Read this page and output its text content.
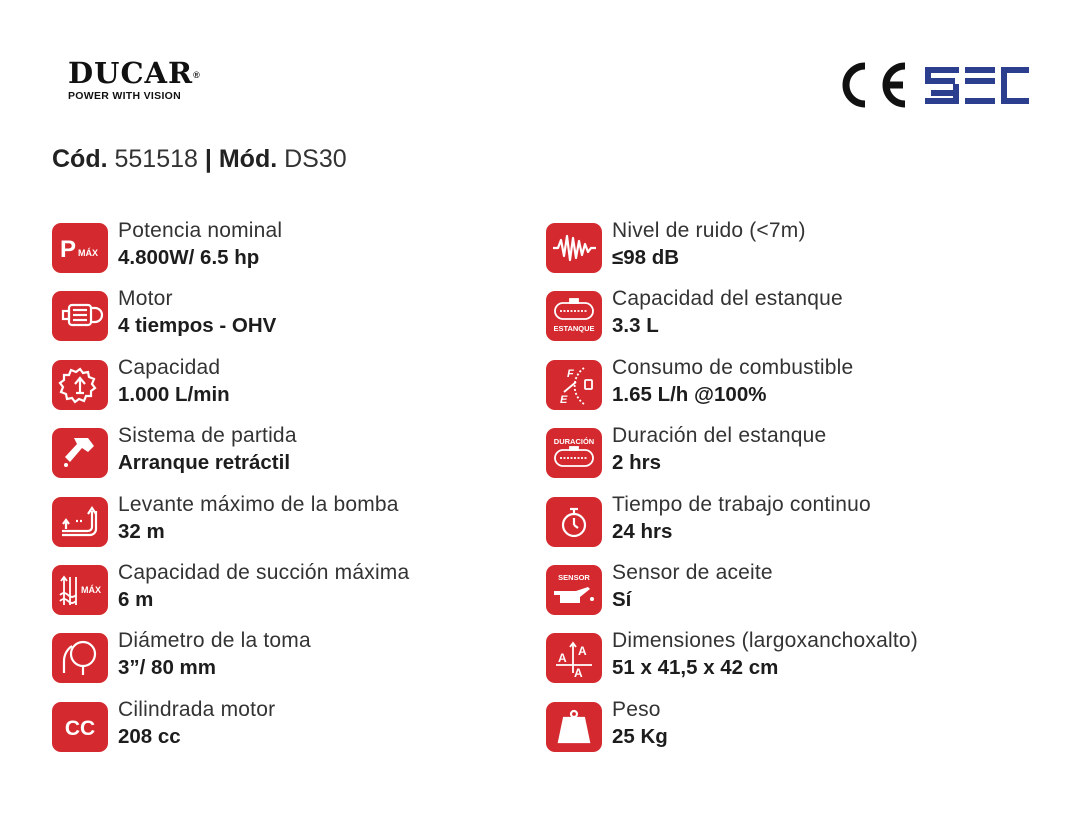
DUCAR®
POWER WITH VISION
Cód. 551518 | Mód. DS30
P MÁX
Potencia nominal
4.800W/ 6.5 hp
Motor
4 tiempos - OHV
Capacidad
1.000 L/min
Sistema de partida
Arranque retráctil
Levante máximo de la bomba
32 m
MÁX
Capacidad de succión máxima
6 m
Diámetro de la toma
3”/ 80 mm
CC
Cilindrada motor
208 cc
Nivel de ruido (<7m)
≤98 dB
ESTANQUE
Capacidad del estanque
3.3 L
F
E
Consumo de combustible
1.65 L/h @100%
DURACIÓN Duración del estanque
2 hrs
Tiempo de trabajo continuo
24 hrs
SENSOR Sensor de aceite
Sí
A
A
A
Dimensiones (largoxanchoxalto)
51 x 41,5 x 42 cm
KG
Peso
25 Kg
